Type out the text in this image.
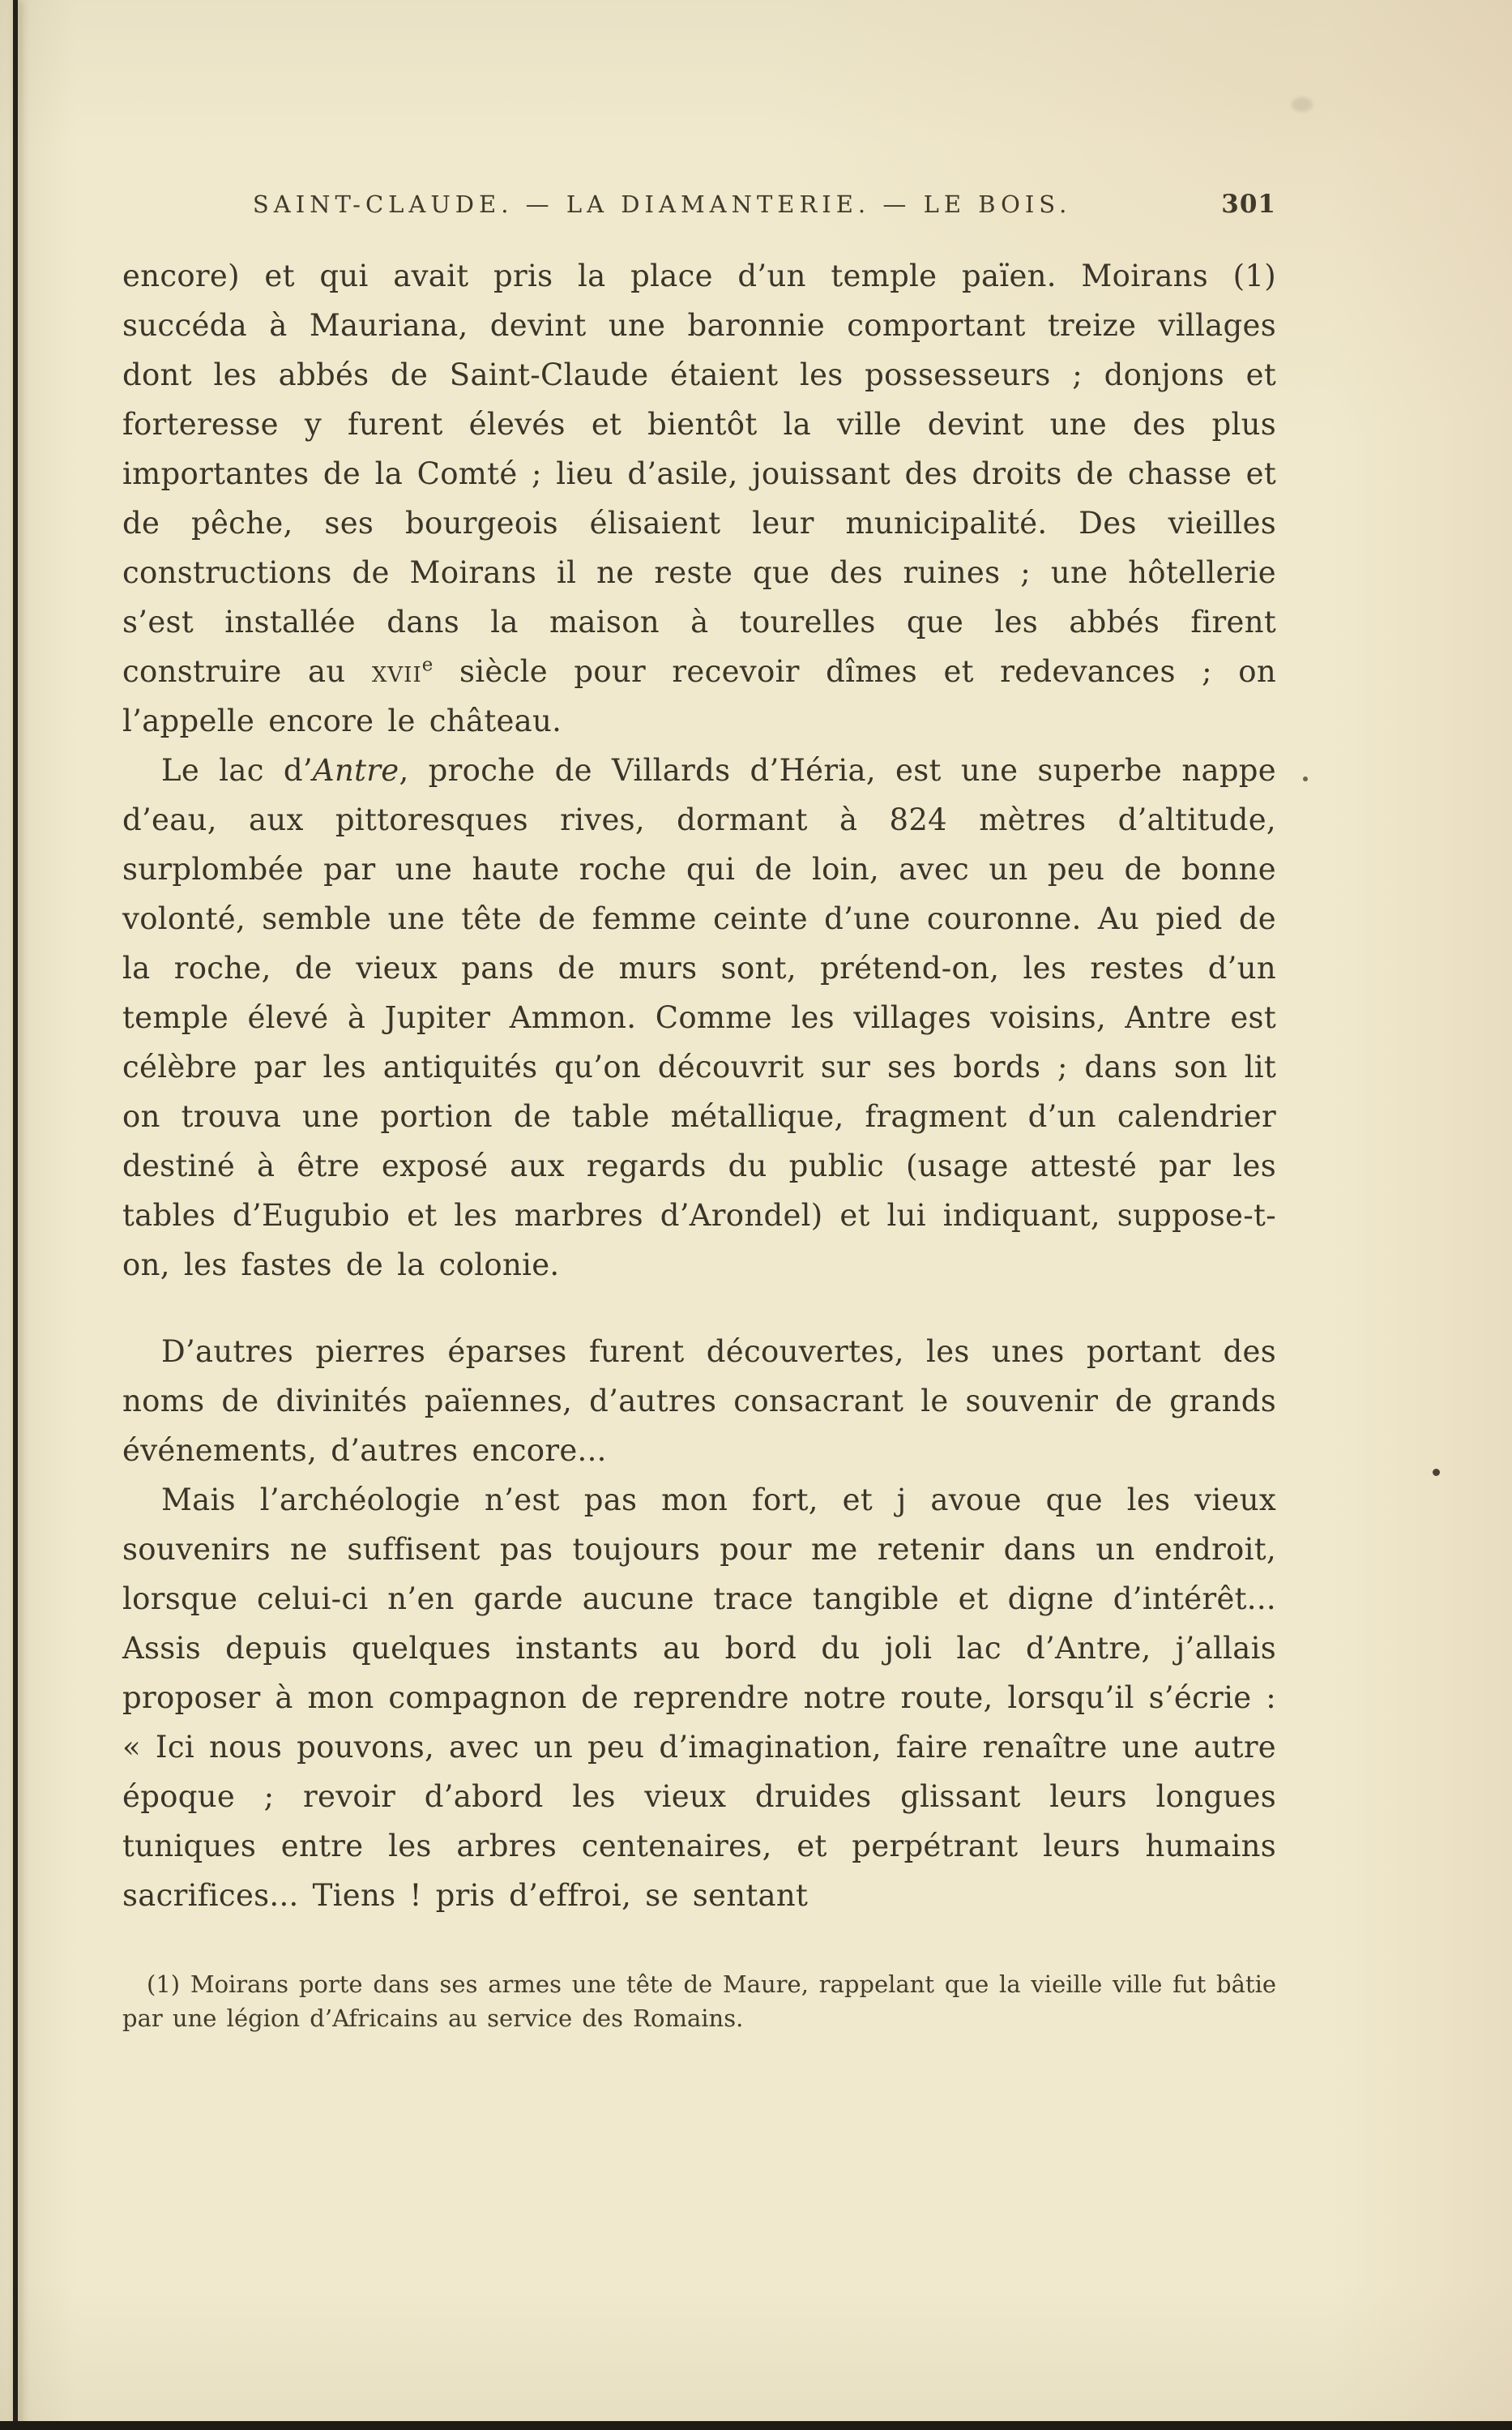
SAINT-CLAUDE. — LA DIAMANTERIE. — LE BOIS.	301

encore) et qui avait pris la place d’un temple païen. Moirans (1) succéda à Mauriana, devint une baronnie comportant treize villages dont les abbés de Saint-Claude étaient les possesseurs ; donjons et forteresse y furent élevés et bientôt la ville devint une des plus importantes de la Comté ; lieu d’asile, jouissant des droits de chasse et de pêche, ses bourgeois élisaient leur municipalité. Des vieilles constructions de Moirans il ne reste que des ruines ; une hôtellerie s’est installée dans la maison à tourelles que les abbés firent construire au xvii$^e$ siècle pour recevoir dîmes et redevances ; on l’appelle encore le château.

Le lac d’Antre, proche de Villards d’Héria, est une superbe nappe d’eau, aux pittoresques rives, dormant à 824 mètres d’altitude, surplombée par une haute roche qui de loin, avec un peu de bonne volonté, semble une tête de femme ceinte d’une couronne. Au pied de la roche, de vieux pans de murs sont, prétend-on, les restes d’un temple élevé à Jupiter Ammon. Comme les villages voisins, Antre est célèbre par les antiquités qu’on découvrit sur ses bords ; dans son lit on trouva une portion de table métallique, fragment d’un calendrier destiné à être exposé aux regards du public (usage attesté par les tables d’Eugubio et les marbres d’Arondel) et lui indiquant, suppose-t-on, les fastes de la colonie.

D’autres pierres éparses furent découvertes, les unes portant des noms de divinités païennes, d’autres consacrant le souvenir de grands événements, d’autres encore...

Mais l’archéologie n’est pas mon fort, et j avoue que les vieux souvenirs ne suffisent pas toujours pour me retenir dans un endroit, lorsque celui-ci n’en garde aucune trace tangible et digne d’intérêt... Assis depuis quelques instants au bord du joli lac d’Antre, j’allais proposer à mon compagnon de reprendre notre route, lorsqu’il s’écrie : « Ici nous pouvons, avec un peu d’imagination, faire renaître une autre époque ; revoir d’abord les vieux druides glissant leurs longues tuniques entre les arbres centenaires, et perpétrant leurs humains sacrifices... Tiens ! pris d’effroi, se sentant

(1) Moirans porte dans ses armes une tête de Maure, rappelant que la vieille ville fut bâtie par une légion d’Africains au service des Romains.
